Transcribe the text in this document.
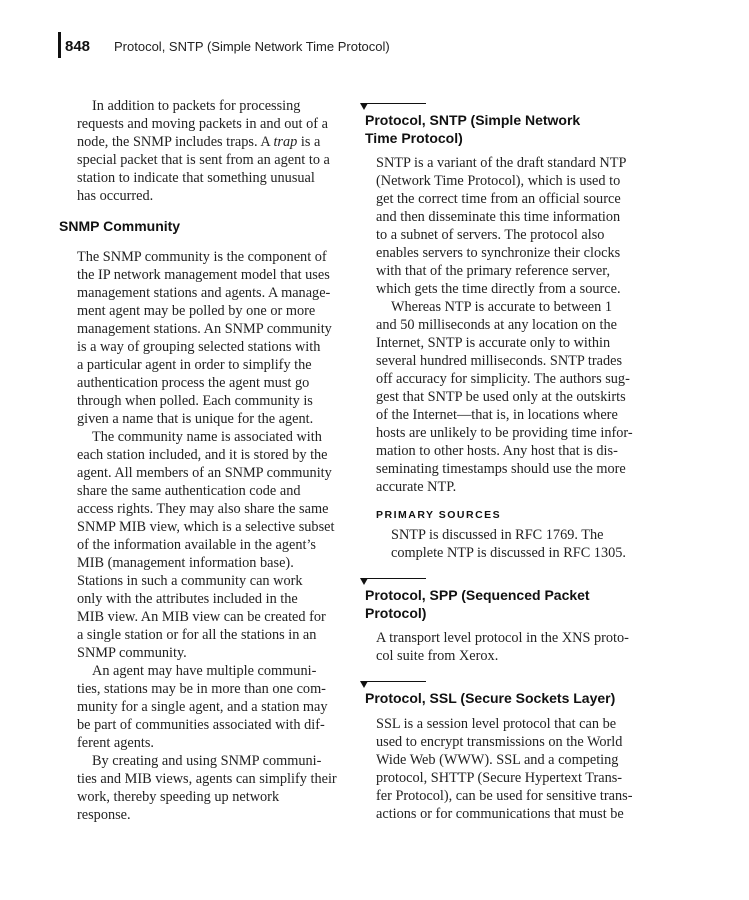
848 Protocol, SNTP (Simple Network Time Protocol)
In addition to packets for processing
requests and moving packets in and out of a
node, the SNMP includes traps. A trap is a
special packet that is sent from an agent to a
station to indicate that something unusual
has occurred.
SNMP Community
The SNMP community is the component of
the IP network management model that uses
management stations and agents. A manage-
ment agent may be polled by one or more
management stations. An SNMP community
is a way of grouping selected stations with
a particular agent in order to simplify the
authentication process the agent must go
through when polled. Each community is
given a name that is unique for the agent.
The community name is associated with
each station included, and it is stored by the
agent. All members of an SNMP community
share the same authentication code and
access rights. They may also share the same
SNMP MIB view, which is a selective subset
of the information available in the agent’s
MIB (management information base).
Stations in such a community can work
only with the attributes included in the
MIB view. An MIB view can be created for
a single station or for all the stations in an
SNMP community.
An agent may have multiple communi-
ties, stations may be in more than one com-
munity for a single agent, and a station may
be part of communities associated with dif-
ferent agents.
By creating and using SNMP communi-
ties and MIB views, agents can simplify their
work, thereby speeding up network
response.
Protocol, SNTP (Simple Network
Time Protocol)
SNTP is a variant of the draft standard NTP
(Network Time Protocol), which is used to
get the correct time from an official source
and then disseminate this time information
to a subnet of servers. The protocol also
enables servers to synchronize their clocks
with that of the primary reference server,
which gets the time directly from a source.
Whereas NTP is accurate to between 1
and 50 milliseconds at any location on the
Internet, SNTP is accurate only to within
several hundred milliseconds. SNTP trades
off accuracy for simplicity. The authors sug-
gest that SNTP be used only at the outskirts
of the Internet—that is, in locations where
hosts are unlikely to be providing time infor-
mation to other hosts. Any host that is dis-
seminating timestamps should use the more
accurate NTP.
PRIMARY SOURCES
SNTP is discussed in RFC 1769. The
complete NTP is discussed in RFC 1305.
Protocol, SPP (Sequenced Packet
Protocol)
A transport level protocol in the XNS proto-
col suite from Xerox.
Protocol, SSL (Secure Sockets Layer)
SSL is a session level protocol that can be
used to encrypt transmissions on the World
Wide Web (WWW). SSL and a competing
protocol, SHTTP (Secure Hypertext Trans-
fer Protocol), can be used for sensitive trans-
actions or for communications that must be
